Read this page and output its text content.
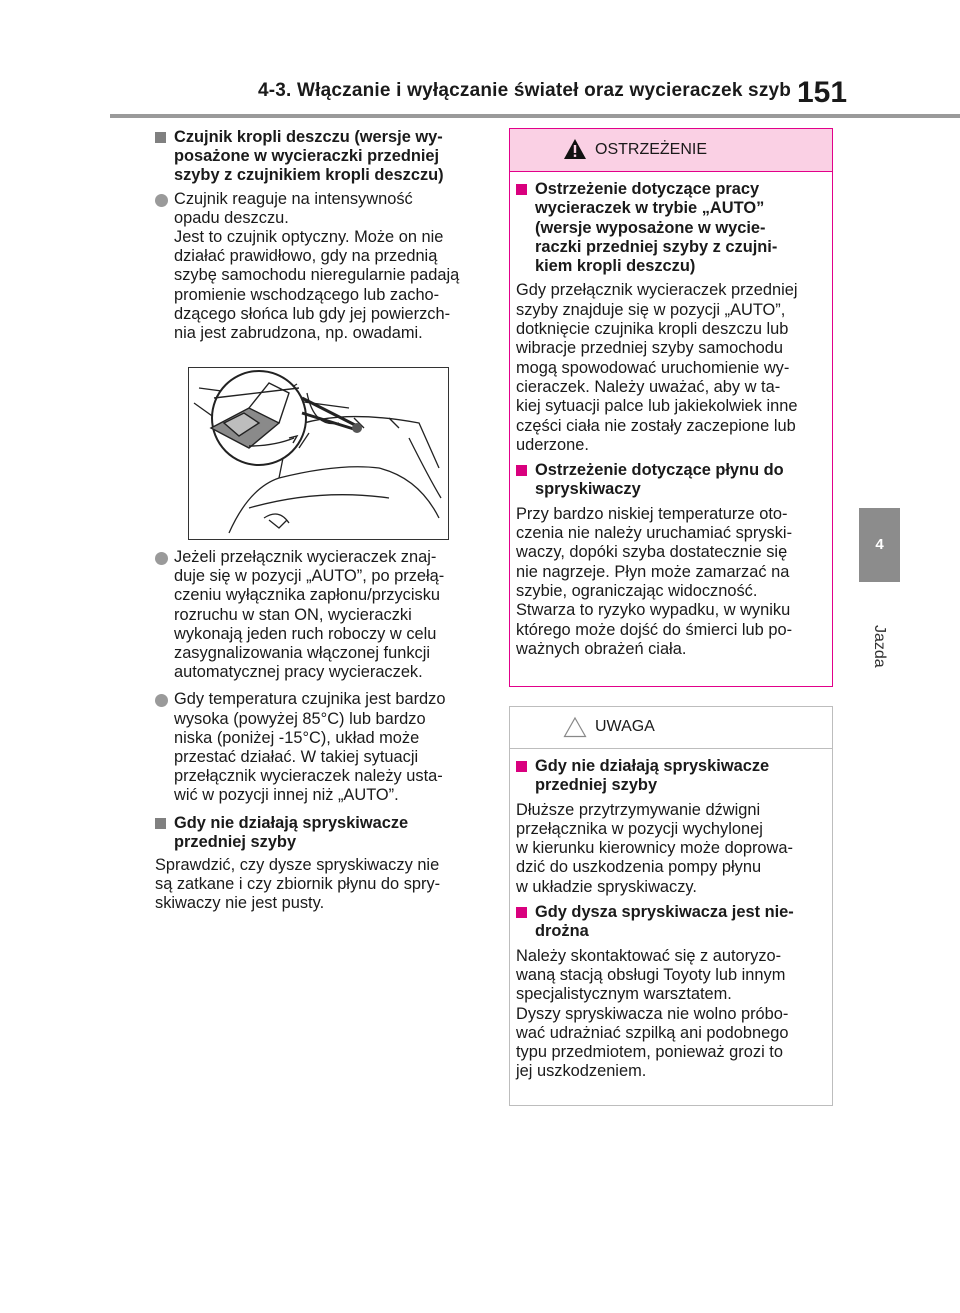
4-3. Włączanie i wyłączanie świateł oraz wycieraczek szyb 151
4
Jazda

Czujnik kropli deszczu (wersje wy-
posażone w wycieraczki przedniej
szyby z czujnikiem kropli deszczu)

Czujnik reaguje na intensywność
opadu deszczu.
Jest to czujnik optyczny. Może on nie
działać prawidłowo, gdy na przednią
szybę samochodu nieregularnie padają
promienie wschodzącego lub zacho-
dzącego słońca lub gdy jej powierzch-
nia jest zabrudzona, np. owadami.

Jeżeli przełącznik wycieraczek znaj-
duje się w pozycji „AUTO”, po przełą-
czeniu wyłącznika zapłonu/przycisku
rozruchu w stan ON, wycieraczki
wykonają jeden ruch roboczy w celu
zasygnalizowania włączonej funkcji
automatycznej pracy wycieraczek.

Gdy temperatura czujnika jest bardzo
wysoka (powyżej 85°C) lub bardzo
niska (poniżej -15°C), układ może
przestać działać. W takiej sytuacji
przełącznik wycieraczek należy usta-
wić w pozycji innej niż „AUTO”.

Gdy nie działają spryskiwacze
przedniej szyby

Sprawdzić, czy dysze spryskiwaczy nie
są zatkane i czy zbiornik płynu do spry-
skiwaczy nie jest pusty.

OSTRZEŻENIE

Ostrzeżenie dotyczące pracy
wycieraczek w trybie „AUTO”
(wersje wyposażone w wycie-
raczki przedniej szyby z czujni-
kiem kropli deszczu)

Gdy przełącznik wycieraczek przedniej
szyby znajduje się w pozycji „AUTO”,
dotknięcie czujnika kropli deszczu lub
wibracje przedniej szyby samochodu
mogą spowodować uruchomienie wy-
cieraczek. Należy uważać, aby w ta-
kiej sytuacji palce lub jakiekolwiek inne
części ciała nie zostały zaczepione lub
uderzone.

Ostrzeżenie dotyczące płynu do
spryskiwaczy

Przy bardzo niskiej temperaturze oto-
czenia nie należy uruchamiać spryski-
waczy, dopóki szyba dostatecznie się
nie nagrzeje. Płyn może zamarzać na
szybie, ograniczając widoczność.
Stwarza to ryzyko wypadku, w wyniku
którego może dojść do śmierci lub po-
ważnych obrażeń ciała.

UWAGA

Gdy nie działają spryskiwacze
przedniej szyby

Dłuższe przytrzymywanie dźwigni
przełącznika w pozycji wychylonej
w kierunku kierownicy może doprowa-
dzić do uszkodzenia pompy płynu
w układzie spryskiwaczy.

Gdy dysza spryskiwacza jest nie-
drożna

Należy skontaktować się z autoryzo-
waną stacją obsługi Toyoty lub innym
specjalistycznym warsztatem.
Dyszy spryskiwacza nie wolno próbo-
wać udrażniać szpilką ani podobnego
typu przedmiotem, ponieważ grozi to
jej uszkodzeniem.
